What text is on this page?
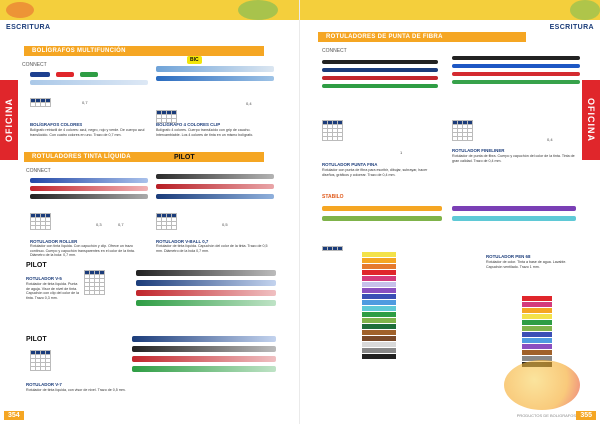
ESCRITURA
OFICINA
BOLÍGRAFOS MULTIFUNCIÓN
CONNECT
BIC

0,7	0,4

BOLÍGRAFOS COLORES
Bolígrafo retráctil de 4 colores: azul, negro, rojo y verde. De cuerpo azul translúcido. Con cuatro colores en uno. Trazo de 0,7 mm.
BOLÍGRAFO 4 COLORES CLIP
Bolígrafo 4 colores. Cuerpo translúcido con grip de caucho. Intercambiable. Los 4 colores de tinta en un mismo bolígrafo.
ROTULADORES TINTA LÍQUIDA	PILOT
CONNECT

0,3	0,7

				0,5
ROTULADOR ROLLER
Rotulador con tinta líquida. Con capuchón y clip. Ofrece un trazo continuo. Cuerpo y capuchón transparentes en el color de la tinta. Diámetro de la bola: 0,7 mm.
ROTULADOR V-BALL 0,7
Rotulador de tinta líquida. Capuchón del color de la tinta. Trazo de 0,5 mm. Diámetro de la bola 0,7 mm.
PILOT
ROTULADOR V-5
Rotulador de tinta líquida. Punta de aguja. Visor de nivel de tinta. Capuchón con clip del color de la tinta. Trazo 0,3 mm.

PILOT

ROTULADOR V-7
Rotulador de tinta líquida, con visor de nivel. Trazo de 0,5 mm.
354
ESCRITURA
OFICINA
ROTULADORES DE PUNTA DE FIBRA
CONNECT

1

0,4
ROTULADOR PUNTA FINA
Rotulador con punta de fibra para escribir, dibujar, subrayar, hacer diseños, gráficos y colorear. Trazo de 0,4 mm.
ROTULADOR FINELINER
Rotulador de punta de fibra. Cuerpo y capuchón del color de la tinta. Tinta de gran calidad. Trazo de 0,4 mm.
STABILO
ROTULADOR PEN 68
Rotulador de color. Tinta a base de agua. Lavable. Capuchón ventilado. Trazo 1 mm.

PRODUCTOS DE BOLIGRAFOS 355
